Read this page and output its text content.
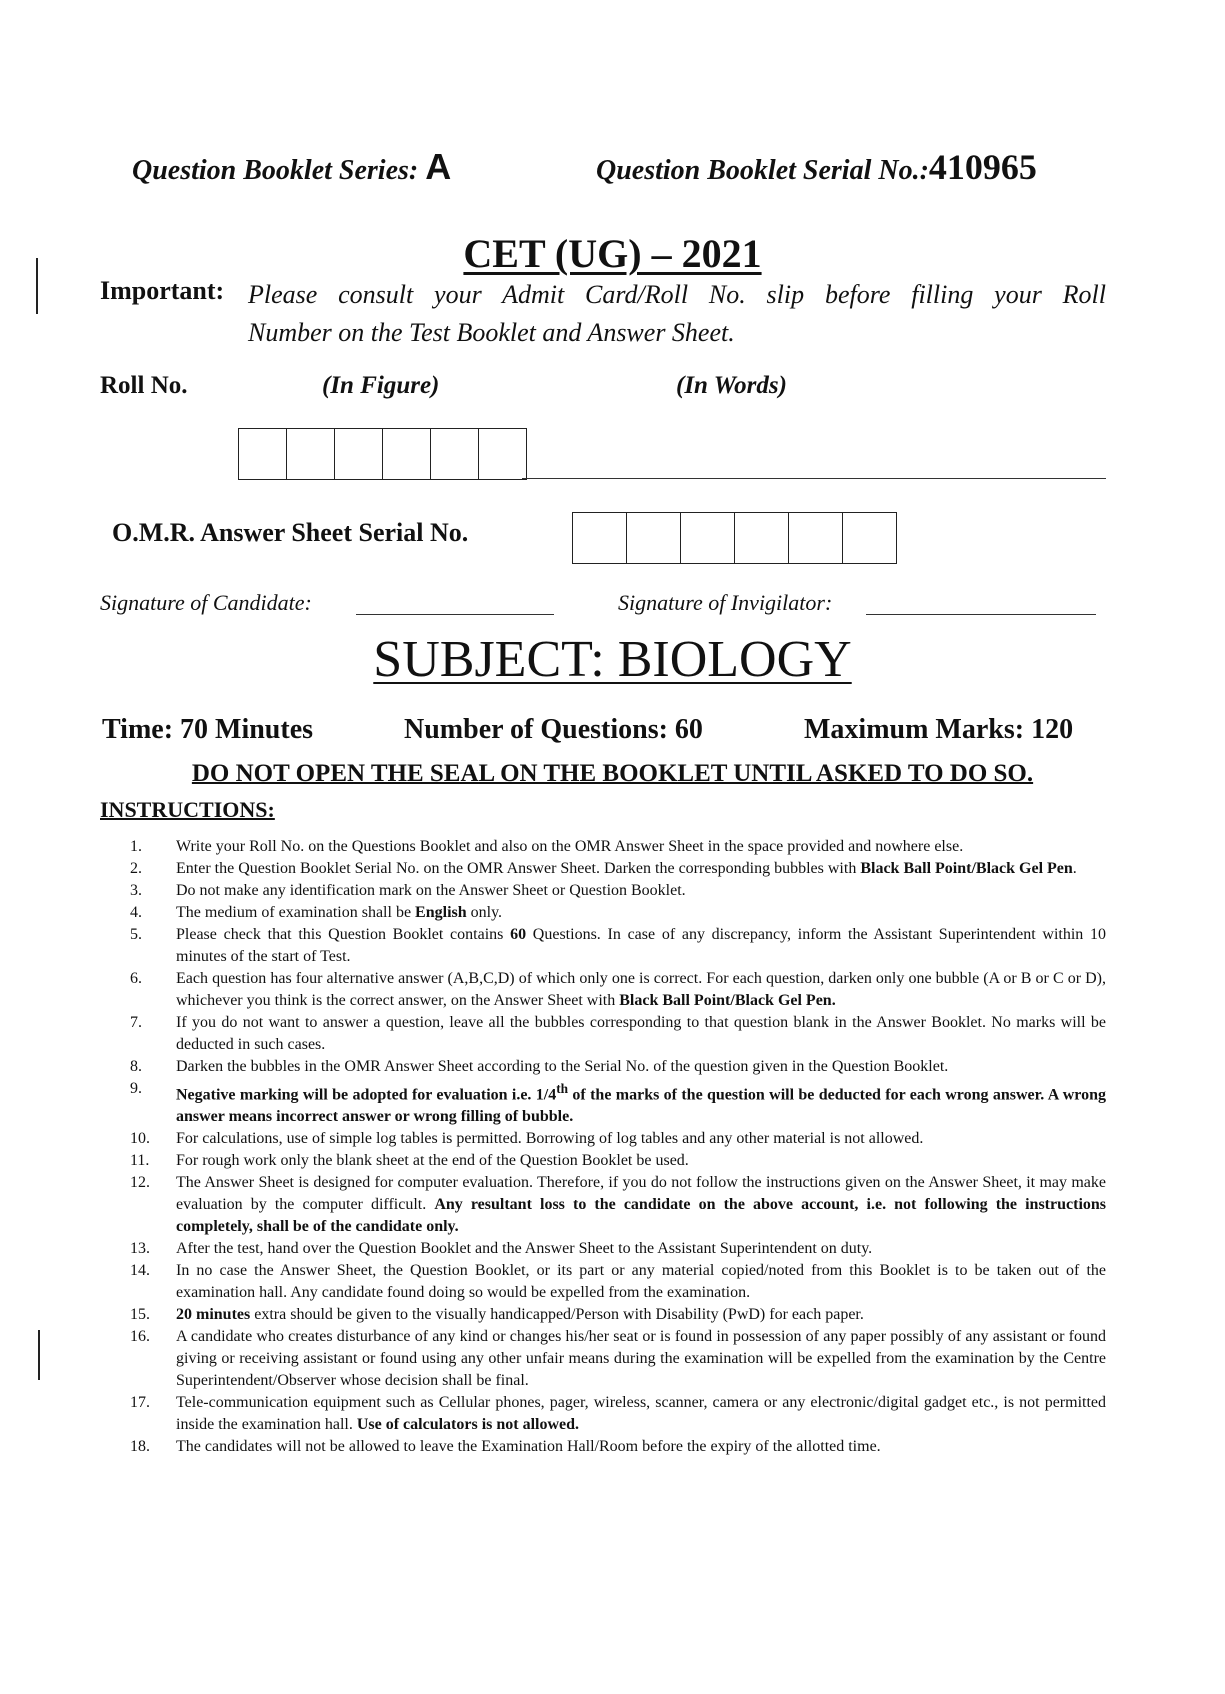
Question Booklet Series: A	Question Booklet Serial No.:410965
CET (UG) – 2021
Important: Please consult your Admit Card/Roll No. slip before filling your Roll
Number on the Test Booklet and Answer Sheet.
Roll No.	(In Figure)	(In Words)
O.M.R. Answer Sheet Serial No.
Signature of Candidate:	Signature of Invigilator:
SUBJECT: BIOLOGY
Time: 70 Minutes	Number of Questions: 60	Maximum Marks: 120
DO NOT OPEN THE SEAL ON THE BOOKLET UNTIL ASKED TO DO SO.
INSTRUCTIONS:
1.	Write your Roll No. on the Questions Booklet and also on the OMR Answer Sheet in the space provided and nowhere else.
2.	Enter the Question Booklet Serial No. on the OMR Answer Sheet. Darken the corresponding bubbles with Black Ball Point/Black Gel Pen.
3.	Do not make any identification mark on the Answer Sheet or Question Booklet.
4.	The medium of examination shall be English only.
5.	Please check that this Question Booklet contains 60 Questions. In case of any discrepancy, inform the Assistant Superintendent within 10 minutes of the start of Test.
6.	Each question has four alternative answer (A,B,C,D) of which only one is correct. For each question, darken only one bubble (A or B or C or D), whichever you think is the correct answer, on the Answer Sheet with Black Ball Point/Black Gel Pen.
7.	If you do not want to answer a question, leave all the bubbles corresponding to that question blank in the Answer Booklet. No marks will be deducted in such cases.
8.	Darken the bubbles in the OMR Answer Sheet according to the Serial No. of the question given in the Question Booklet.
9.	Negative marking will be adopted for evaluation i.e. 1/4th of the marks of the question will be deducted for each wrong answer. A wrong answer means incorrect answer or wrong filling of bubble.
10.	For calculations, use of simple log tables is permitted. Borrowing of log tables and any other material is not allowed.
11.	For rough work only the blank sheet at the end of the Question Booklet be used.
12.	The Answer Sheet is designed for computer evaluation. Therefore, if you do not follow the instructions given on the Answer Sheet, it may make evaluation by the computer difficult. Any resultant loss to the candidate on the above account, i.e. not following the instructions completely, shall be of the candidate only.
13.	After the test, hand over the Question Booklet and the Answer Sheet to the Assistant Superintendent on duty.
14.	In no case the Answer Sheet, the Question Booklet, or its part or any material copied/noted from this Booklet is to be taken out of the examination hall. Any candidate found doing so would be expelled from the examination.
15.	20 minutes extra should be given to the visually handicapped/Person with Disability (PwD) for each paper.
16.	A candidate who creates disturbance of any kind or changes his/her seat or is found in possession of any paper possibly of any assistant or found giving or receiving assistant or found using any other unfair means during the examination will be expelled from the examination by the Centre Superintendent/Observer whose decision shall be final.
17.	Tele-communication equipment such as Cellular phones, pager, wireless, scanner, camera or any electronic/digital gadget etc., is not permitted inside the examination hall. Use of calculators is not allowed.
18.	The candidates will not be allowed to leave the Examination Hall/Room before the expiry of the allotted time.
